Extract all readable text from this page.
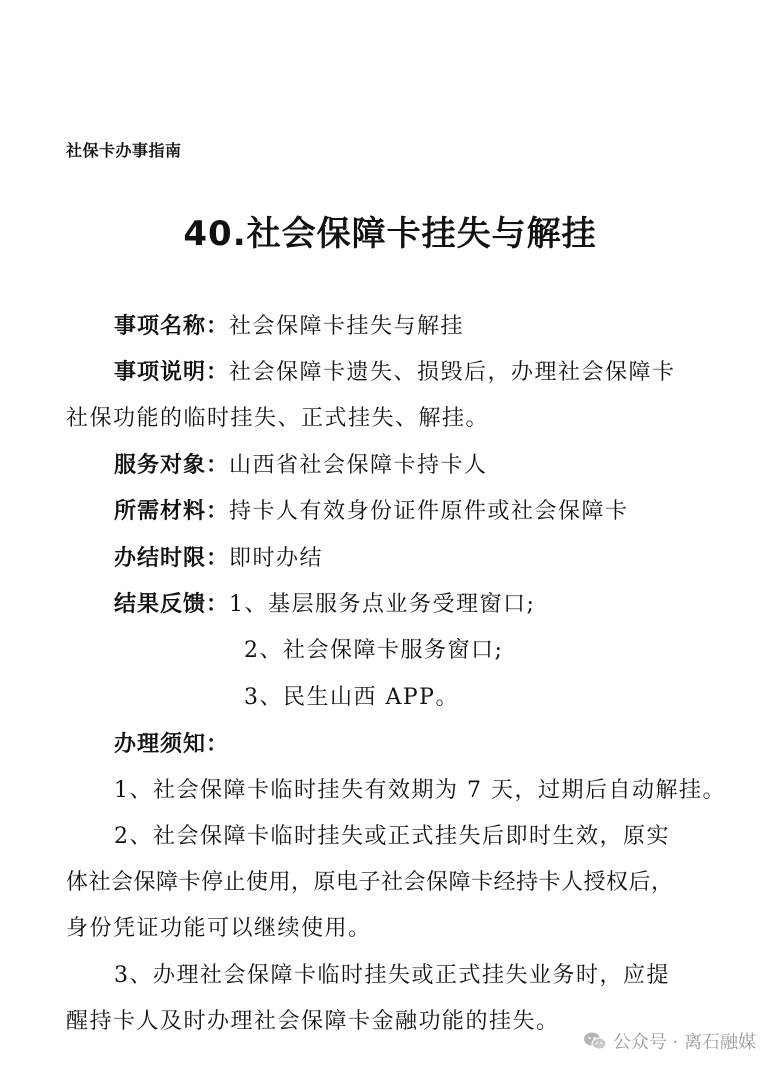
社保卡办事指南
40.社会保障卡挂失与解挂
事项名称：社会保障卡挂失与解挂
事项说明：社会保障卡遗失、损毁后，办理社会保障卡
社保功能的临时挂失、正式挂失、解挂。
服务对象：山西省社会保障卡持卡人
所需材料：持卡人有效身份证件原件或社会保障卡
办结时限：即时办结
结果反馈：1、基层服务点业务受理窗口;
2、社会保障卡服务窗口;
3、民生山西 APP。
办理须知：
1、社会保障卡临时挂失有效期为 7 天，过期后自动解挂。
2、社会保障卡临时挂失或正式挂失后即时生效，原实
体社会保障卡停止使用，原电子社会保障卡经持卡人授权后，
身份凭证功能可以继续使用。
3、办理社会保障卡临时挂失或正式挂失业务时，应提
醒持卡人及时办理社会保障卡金融功能的挂失。
公众号 · 离石融媒
